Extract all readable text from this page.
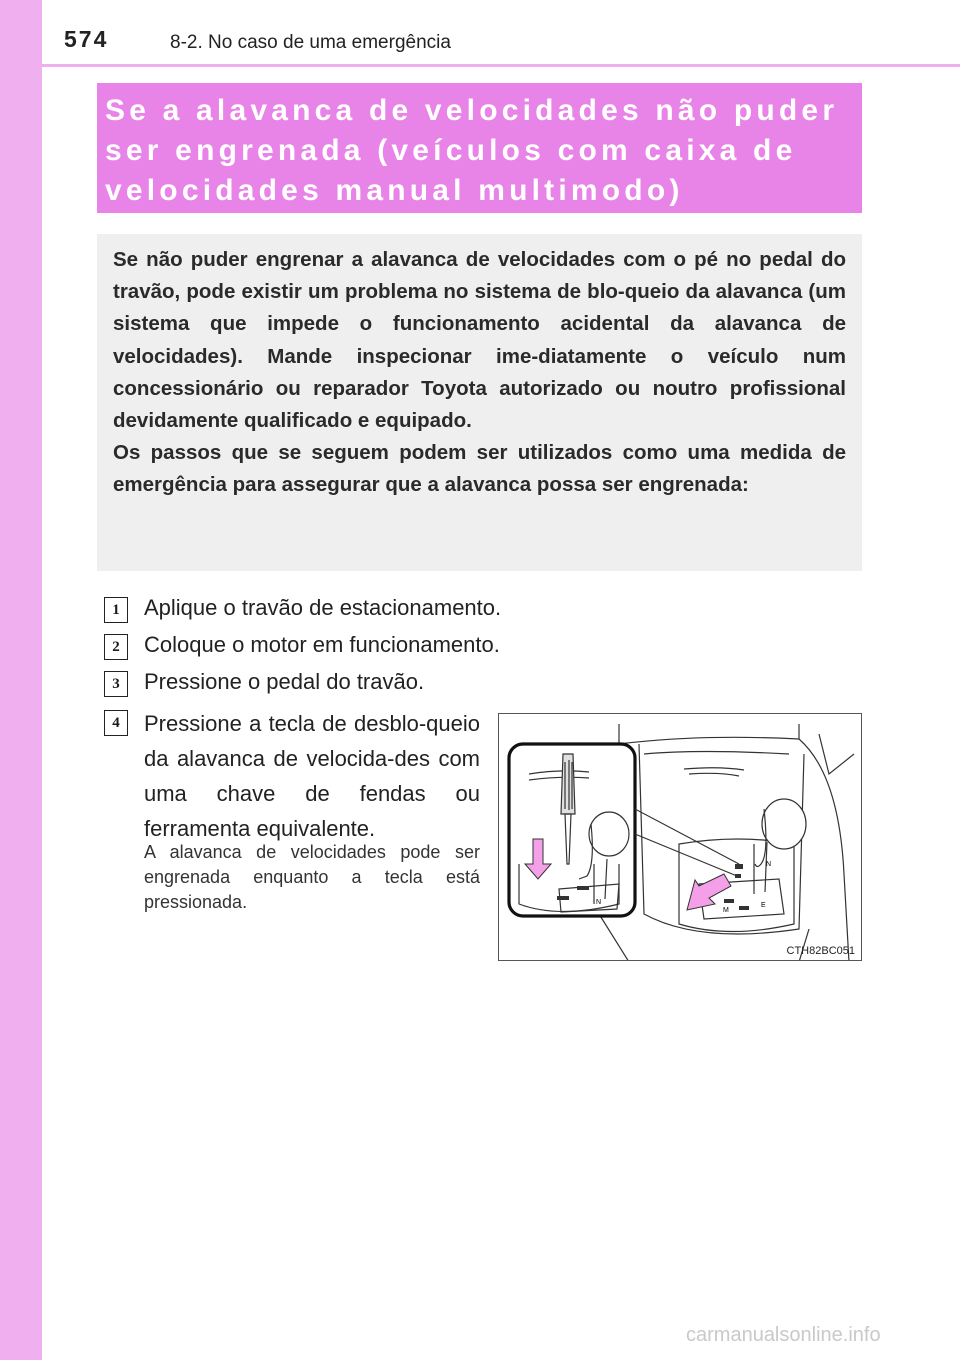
574	8-2. No caso de uma emergência
Se a alavanca de velocidades não puder
ser engrenada (veículos com caixa de
velocidades manual multimodo)
Se não puder engrenar a alavanca de velocidades com o pé no pedal do travão, pode existir um problema no sistema de blo-queio da alavanca (um sistema que impede o funcionamento acidental da alavanca de velocidades). Mande inspecionar ime-diatamente o veículo num concessionário ou reparador Toyota autorizado ou noutro profissional devidamente qualificado e equipado.
Os passos que se seguem podem ser utilizados como uma medida de emergência para assegurar que a alavanca possa ser engrenada:
1	Aplique o travão de estacionamento.
2	Coloque o motor em funcionamento.
3	Pressione o pedal do travão.
4	Pressione a tecla de desblo-queio da alavanca de velocida-des com uma chave de fendas ou ferramenta equivalente.
A alavanca de velocidades pode ser engrenada enquanto a tecla está pressionada.	N
N
E
M
CTH82BC051
carmanualsonline.info
